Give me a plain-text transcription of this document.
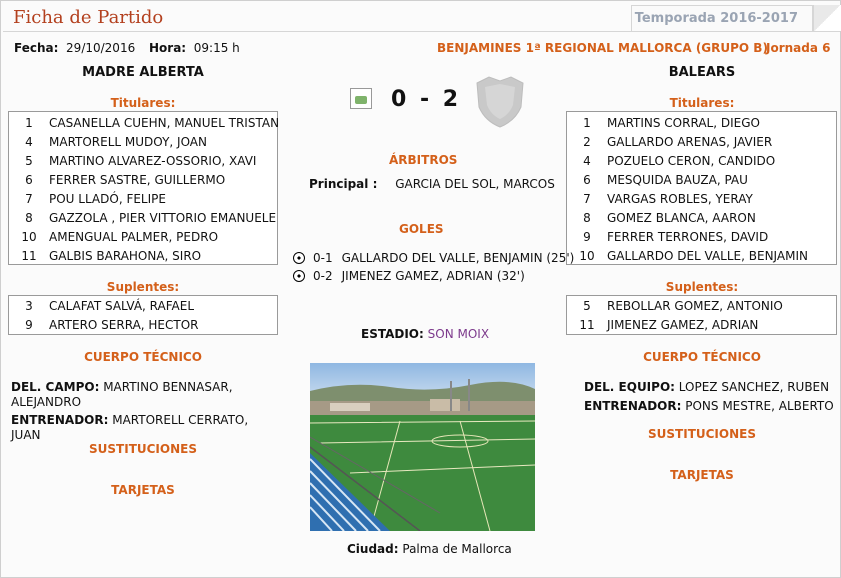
Ficha de Partido	Temporada 2016-2017
Fecha: 29/10/2016 Hora: 09:15 h	BENJAMINES 1ª REGIONAL MALLORCA (GRUPO B)
Jornada 6
MADRE ALBERTA	BALEARS
0 - 2
Titulares:
1	CASANELLA CUEHN, MANUEL TRISTAN
4	MARTORELL MUDOY, JOAN
5	MARTINO ALVAREZ-OSSORIO, XAVI
6	FERRER SASTRE, GUILLERMO
7	POU LLADÓ, FELIPE
8	GAZZOLA , PIER VITTORIO EMANUELE
10	AMENGUAL PALMER, PEDRO
11	GALBIS BARAHONA, SIRO
Suplentes:
3	CALAFAT SALVÁ, RAFAEL
9	ARTERO SERRA, HECTOR
CUERPO TÉCNICO
DEL. CAMPO: MARTINO BENNASAR, ALEJANDRO
ENTRENADOR: MARTORELL CERRATO, JUAN
SUSTITUCIONES
TARJETAS
Titulares:
1	MARTINS CORRAL, DIEGO
2	GALLARDO ARENAS, JAVIER
4	POZUELO CERON, CANDIDO
6	MESQUIDA BAUZA, PAU
7	VARGAS ROBLES, YERAY
8	GOMEZ BLANCA, AARON
9	FERRER TERRONES, DAVID
10	GALLARDO DEL VALLE, BENJAMIN
Suplentes:
5	REBOLLAR GOMEZ, ANTONIO
11	JIMENEZ GAMEZ, ADRIAN
CUERPO TÉCNICO
DEL. EQUIPO: LOPEZ SANCHEZ, RUBEN
ENTRENADOR: PONS MESTRE, ALBERTO
SUSTITUCIONES
TARJETAS
ÁRBITROS
Principal : GARCIA DEL SOL, MARCOS
GOLES
0-1 GALLARDO DEL VALLE, BENJAMIN (25')
0-2 JIMENEZ GAMEZ, ADRIAN (32')
ESTADIO: SON MOIX
Ciudad: Palma de Mallorca
